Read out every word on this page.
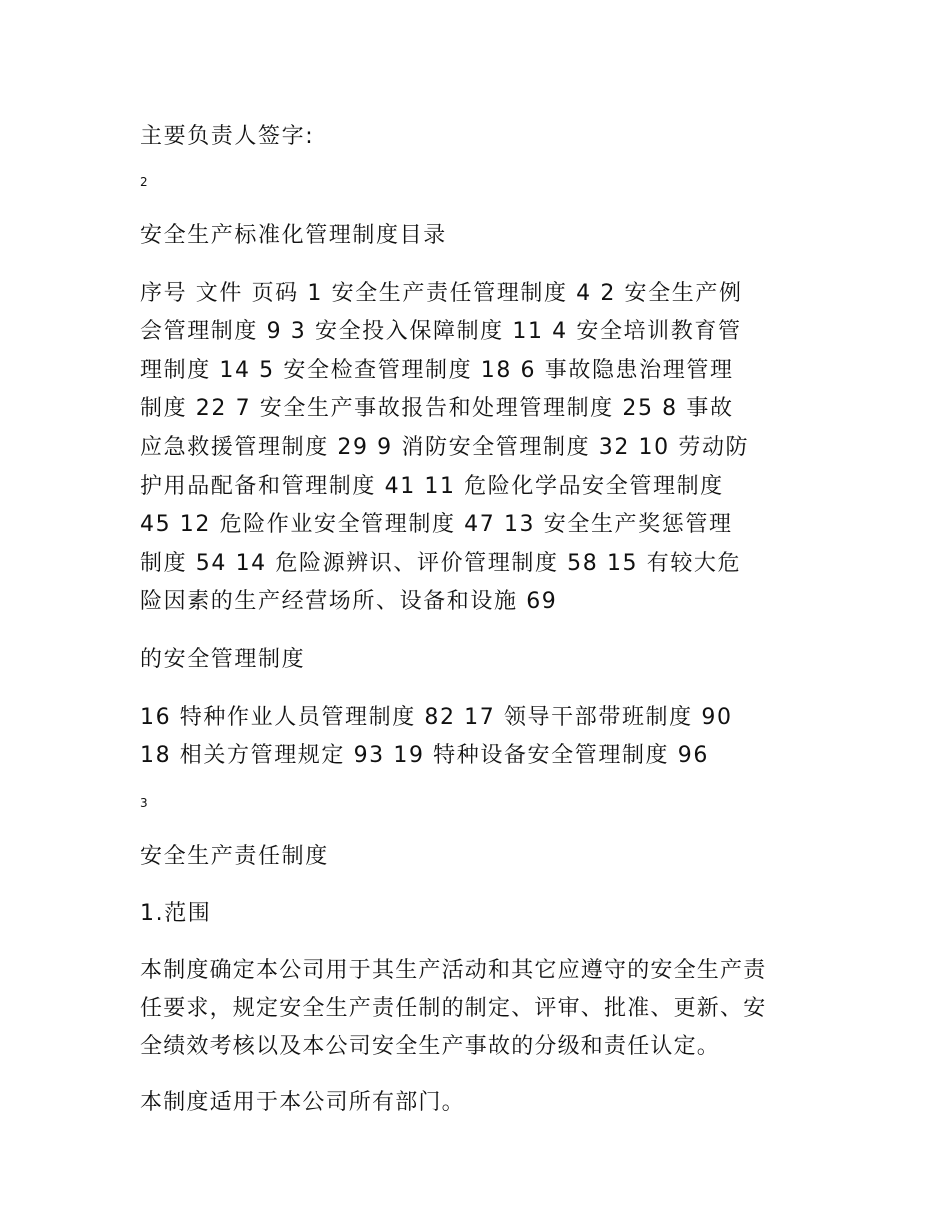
主要负责人签字:
2
安全生产标准化管理制度目录
序号 文件 页码 1 安全生产责任管理制度 4 2 安全生产例
会管理制度 9 3 安全投入保障制度 11 4 安全培训教育管
理制度 14 5 安全检查管理制度 18 6 事故隐患治理管理
制度 22 7 安全生产事故报告和处理管理制度 25 8 事故
应急救援管理制度 29 9 消防安全管理制度 32 10 劳动防
护用品配备和管理制度 41 11 危险化学品安全管理制度
45 12 危险作业安全管理制度 47 13 安全生产奖惩管理
制度 54 14 危险源辨识、评价管理制度 58 15 有较大危
险因素的生产经营场所、设备和设施 69
的安全管理制度
16 特种作业人员管理制度 82 17 领导干部带班制度 90
18 相关方管理规定 93 19 特种设备安全管理制度 96
3
安全生产责任制度
1.范围
本制度确定本公司用于其生产活动和其它应遵守的安全生产责
任要求，规定安全生产责任制的制定、评审、批准、更新、安
全绩效考核以及本公司安全生产事故的分级和责任认定。
本制度适用于本公司所有部门。
